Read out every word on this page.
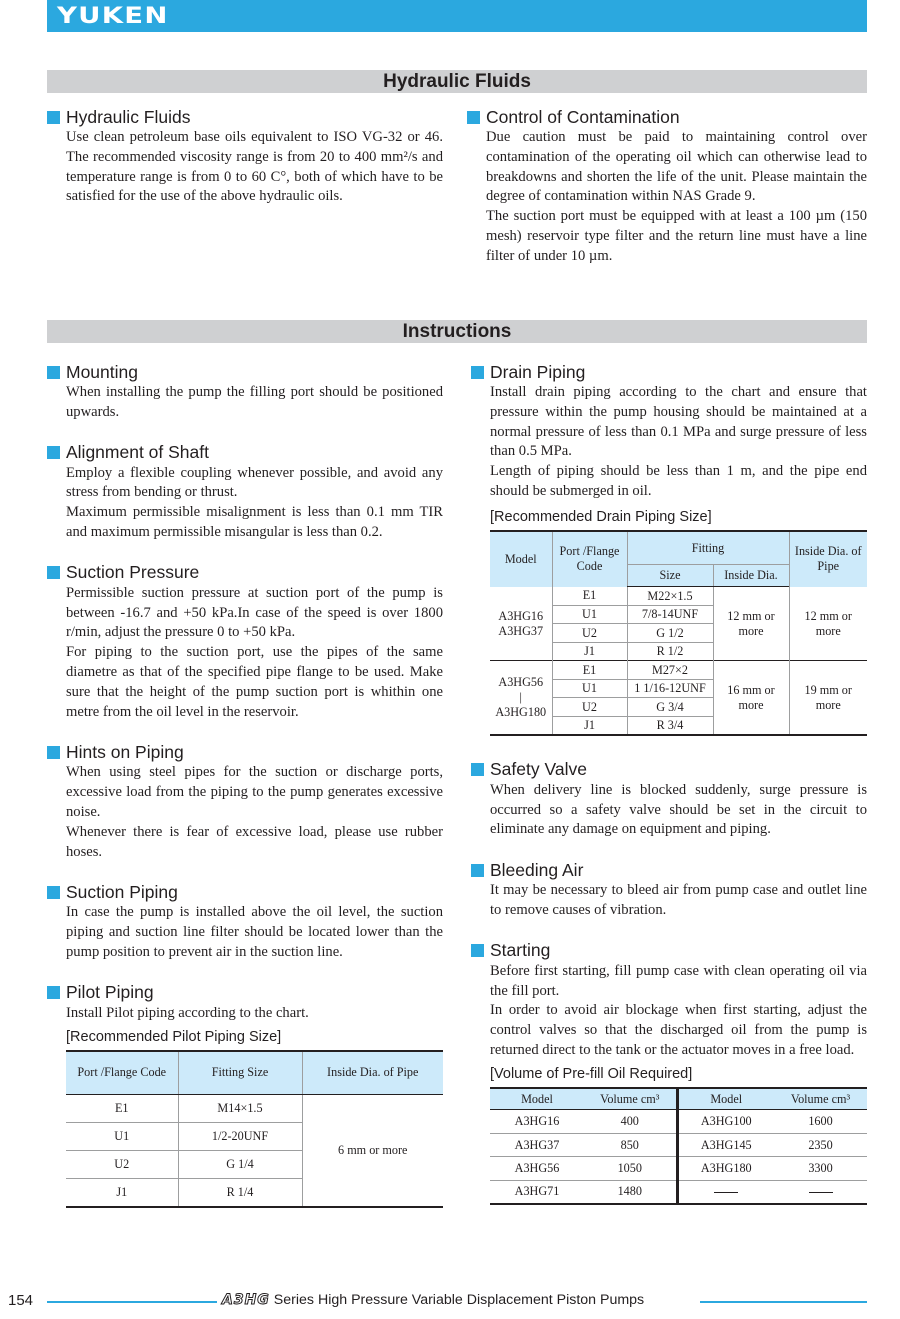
YUKEN
Hydraulic Fluids
Hydraulic Fluids

Use clean petroleum base oils equivalent to ISO VG-32 or 46. The recommended viscosity range is from 20 to 400 mm²/s and temperature range is from 0 to 60 C°, both of which have to be satisfied for the use of the above hydraulic oils.

Control of Contamination

Due caution must be paid to maintaining control over contamination of the operating oil which can otherwise lead to breakdowns and shorten the life of the unit. Please maintain the degree of contamination within NAS Grade 9.

The suction port must be equipped with at least a 100 µm (150 mesh) reservoir type filter and the return line must have a line filter of under 10 µm.

Instructions
Mounting

When installing the pump the filling port should be positioned upwards.

Alignment of Shaft

Employ a flexible coupling whenever possible, and avoid any stress from bending or thrust.

Maximum permissible misalignment is less than 0.1 mm TIR and maximum permissible misangular is less than 0.2.

Suction Pressure

Permissible suction pressure at suction port of the pump is between -16.7 and +50 kPa.In case of the speed is over 1800 r/min, adjust the pressure 0 to +50 kPa.

For piping to the suction port, use the pipes of the same diametre as that of the specified pipe flange to be used. Make sure that the height of the pump suction port is whithin one metre from the oil level in the reservoir.

Hints on Piping

When using steel pipes for the suction or discharge ports, excessive load from the piping to the pump generates excessive noise.

Whenever there is fear of excessive load, please use rubber hoses.

Suction Piping

In case the pump is installed above the oil level, the suction piping and suction line filter should be located lower than the pump position to prevent air in the suction line.

Pilot Piping

Install Pilot piping according to the chart.

[Recommended Pilot Piping Size]
Port /Flange Code	Fitting Size	Inside Dia. of Pipe
E1	M14×1.5	6 mm or more
U1	1/2-20UNF	
U2	G 1/4	
J1	R 1/4	
Drain Piping

Install drain piping according to the chart and ensure that pressure within the pump housing should be maintained at a normal pressure of less than 0.1 MPa and surge pressure of less than 0.5 MPa.

Length of piping should be less than 1 m, and the pipe end should be submerged in oil.

[Recommended Drain Piping Size]
Model	Port /Flange Code	Fitting		Inside Dia. of Pipe
		Size	Inside Dia.	

A3HG16
A3HG37	E1	M22×1.5	12 mm or more	12 mm or more

	U1	7/8-14UNF		
	U2	G 1/2		
	J1	R 1/2		

A3HG56
|
A3HG180	E1	M27×2	16 mm or more	19 mm or more

	U1	1 1/16-12UNF		
	U2	G 3/4		
	J1	R 3/4		
Safety Valve

When delivery line is blocked suddenly, surge pressure is occurred so a safety valve should be set in the circuit to eliminate any damage on equipment and piping.

Bleeding Air

It may be necessary to bleed air from pump case and outlet line to remove causes of vibration.

Starting

Before first starting, fill pump case with clean operating oil via the fill port.

In order to avoid air blockage when first starting, adjust the control valves so that the discharged oil from the pump is returned direct to the tank or the actuator moves in a free load.

[Volume of Pre-fill Oil Required]
Model	Volume cm³	Model	Volume cm³
A3HG16	400	A3HG100	1600
A3HG37	850	A3HG145	2350
A3HG56	1050	A3HG180	3300
A3HG71	1480		
154	A3HG Series High Pressure Variable Displacement Piston Pumps
